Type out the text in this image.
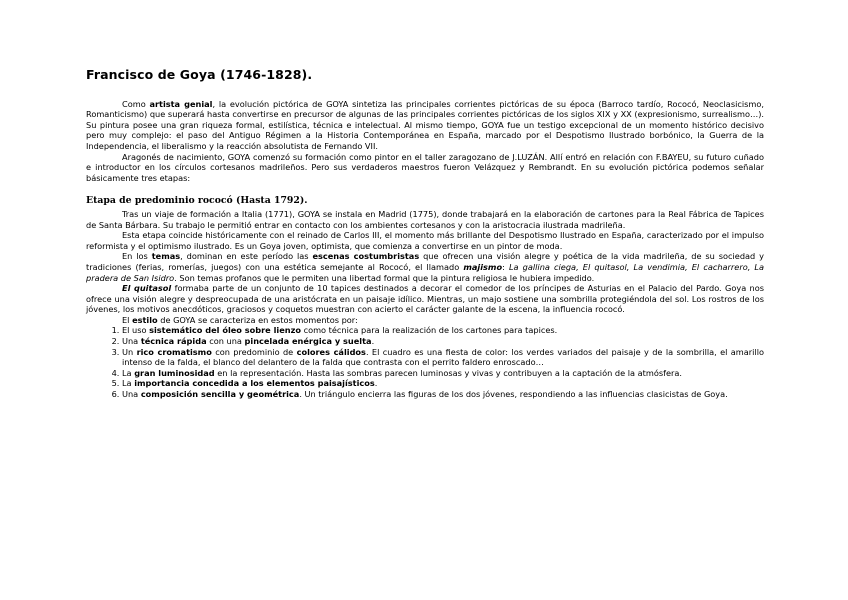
Francisco de Goya (1746-1828).

Como artista genial, la evolución pictórica de GOYA sintetiza las principales corrientes pictóricas de su época (Barroco tardío, Rococó, Neoclasicismo, Romanticismo) que superará hasta convertirse en precursor de algunas de las principales corrientes pictóricas de los siglos XIX y XX (expresionismo, surrealismo…). Su pintura posee una gran riqueza formal, estilística, técnica e intelectual. Al mismo tiempo, GOYA fue un testigo excepcional de un momento histórico decisivo pero muy complejo: el paso del Antiguo Régimen a la Historia Contemporánea en España, marcado por el Despotismo Ilustrado borbónico, la Guerra de la Independencia, el liberalismo y la reacción absolutista de Fernando VII.

Aragonés de nacimiento, GOYA comenzó su formación como pintor en el taller zaragozano de J.LUZÁN. Allí entró en relación con F.BAYEU, su futuro cuñado e introductor en los círculos cortesanos madrileños. Pero sus verdaderos maestros fueron Velázquez y Rembrandt. En su evolución pictórica podemos señalar básicamente tres etapas:

Etapa de predominio rococó (Hasta 1792).

Tras un viaje de formación a Italia (1771), GOYA se instala en Madrid (1775), donde trabajará en la elaboración de cartones para la Real Fábrica de Tapices de Santa Bárbara. Su trabajo le permitió entrar en contacto con los ambientes cortesanos y con la aristocracia ilustrada madrileña.

Esta etapa coincide históricamente con el reinado de Carlos III, el momento más brillante del Despotismo Ilustrado en España, caracterizado por el impulso reformista y el optimismo ilustrado. Es un Goya joven, optimista, que comienza a convertirse en un pintor de moda.

En los temas, dominan en este período las escenas costumbristas que ofrecen una visión alegre y poética de la vida madrileña, de su sociedad y tradiciones (ferias, romerías, juegos) con una estética semejante al Rococó, el llamado majismo: La gallina ciega, El quitasol, La vendimia, El cacharrero, La pradera de San Isidro. Son temas profanos que le permiten una libertad formal que la pintura religiosa le hubiera impedido.

El quitasol formaba parte de un conjunto de 10 tapices destinados a decorar el comedor de los príncipes de Asturias en el Palacio del Pardo. Goya nos ofrece una visión alegre y despreocupada de una aristócrata en un paisaje idílico. Mientras, un majo sostiene una sombrilla protegiéndola del sol. Los rostros de los jóvenes, los motivos anecdóticos, graciosos y coquetos muestran con acierto el carácter galante de la escena, la influencia rococó.

El estilo de GOYA se caracteriza en estos momentos por:

1. El uso sistemático del óleo sobre lienzo como técnica para la realización de los cartones para tapices.
2. Una técnica rápida con una pincelada enérgica y suelta.
3. Un rico cromatismo con predominio de colores cálidos. El cuadro es una fiesta de color: los verdes variados del paisaje y de la sombrilla, el amarillo intenso de la falda, el blanco del delantero de la falda que contrasta con el perrito faldero enroscado…
4. La gran luminosidad en la representación. Hasta las sombras parecen luminosas y vivas y contribuyen a la captación de la atmósfera.
5. La importancia concedida a los elementos paisajísticos.
6. Una composición sencilla y geométrica. Un triángulo encierra las figuras de los dos jóvenes, respondiendo a las influencias clasicistas de Goya.
